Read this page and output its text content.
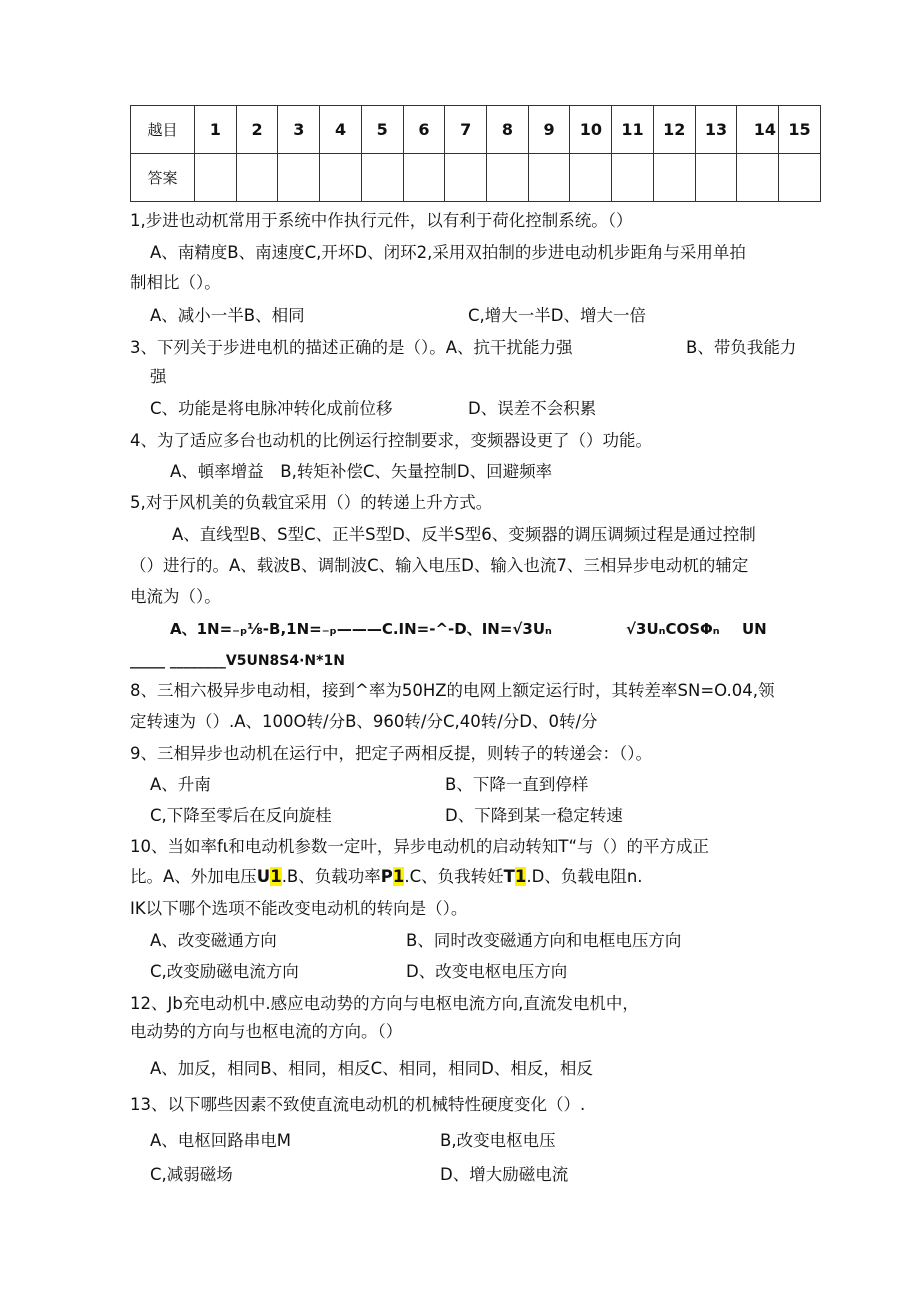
越目	1	2	3	4	5	6	7	8	9	10	11	12	13	14	15
答案															
1,步进也动杌常用于系统中作执行元件，以有利于荷化控制系统。（）
A、南精度B、南速度C,开坏D、闭环2,采用双拍制的步进电动机步距角与采用单拍
制相比（）。
A、减小一半B、相同	C,增大一半D、增大一倍
3、下列关于步进电机的描述正确的是（）。A、抗干扰能力强	B、带负我能力
强
C、功能是将电脉冲转化成前位移	D、误差不会积累
4、为了适应多台也动机的比例运行控制要求，变频器设更了（）功能。
A、頓率增益　B,转矩补偿C、矢量控制D、回避频率
5,对于风机美的负载宜采用（）的转递上升方式。
A、直线型B、S型C、正半S型D、反半S型6、变频器的调压调频过程是通过控制
（）进行的。A、载波B、调制波C、输入电压D、输入也流7、三相异步电动杌的辅定
电流为（）。
A、1N=₋ₚ⅛-B,1N=₋ₚ———C.IN=-^-D、IN=√3Uₙ	√3UₙCOSΦₙ UN
_____ ________V5UN8S4·N*1N
8、三相六极异步电动相，接到^率为50HZ的电网上额定运行时，其转差率SN=O.04,领
定转速为（）.A、100O转/分B、960转/分C,40转/分D、0转/分
9、三相异步也动机在运行中，把定子两相反提，则转子的转递会：（）。
A、升南	B、下降一直到停样
C,下降至零后在反向旋桂	D、下降到某一稳定转速
10、当如率fι和电动机参数一定叶，异步电动机的启动转知T“与（）的平方成正
比。A、外加电压U1.B、负载功率P1.C、负我转妊T1.D、负载电阻n.
IK以下哪个选项不能改变电动机的转向是（）。
A、改变磁通方向	B、同时改变磁通方向和电框电压方向
C,改变励磁电流方向	D、改变电枢电压方向
12、Jb充电动机中.感应电动势的方向与电枢电流方向,直流发电机中，
电动势的方向与也枢电流的方向。（）
A、加反，相同B、相同，相反C、相同，相同D、相反，相反
13、以下哪些因素不致使直流电动机的机械特性硬度变化（）.
A、电枢回路串电M	B,改变电枢电压
C,减弱磁场	D、增大励磁电流
